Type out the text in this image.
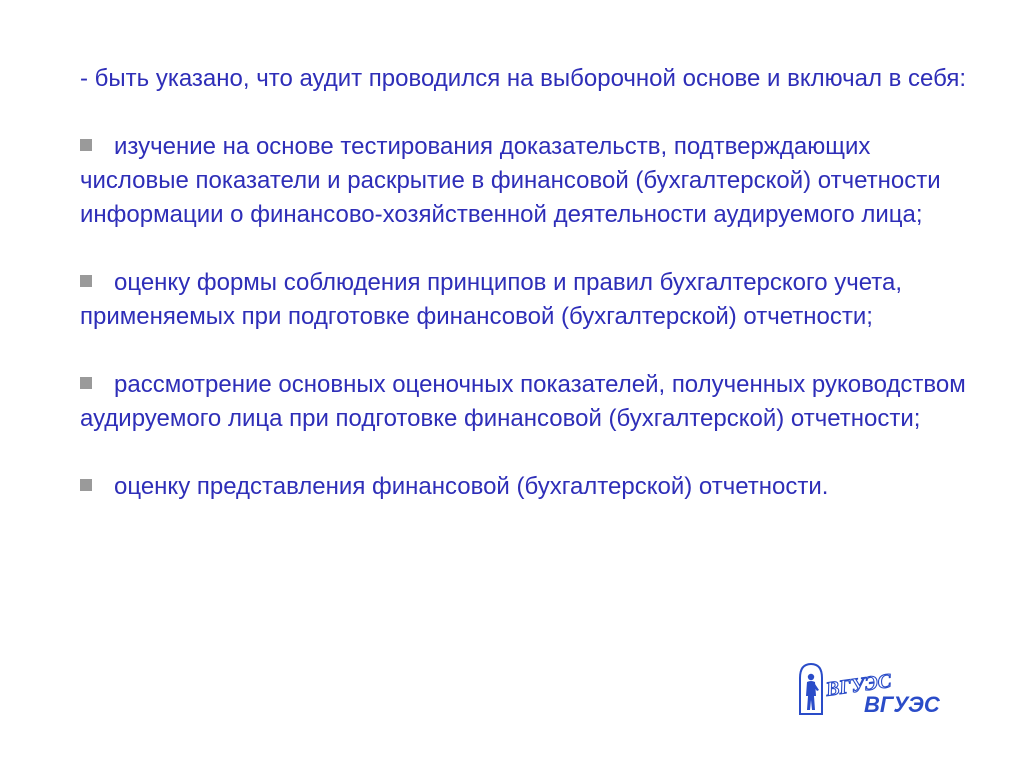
- быть указано, что аудит проводился на выборочной основе и включал в себя:

изучение на основе тестирования доказательств, подтверждающих числовые показатели и раскрытие в финансовой (бухгалтерской) отчетности информации о финансово-хозяйственной деятельности аудируемого лица;
оценку формы соблюдения принципов и правил бухгалтерского учета, применяемых при подготовке финансовой (бухгалтерской) отчетности;
рассмотрение основных оценочных показателей, полученных руководством аудируемого лица при подготовке финансовой (бухгалтерской) отчетности;
оценку представления финансовой (бухгалтерской) отчетности.
ВГУЭС
ВГУЭС
